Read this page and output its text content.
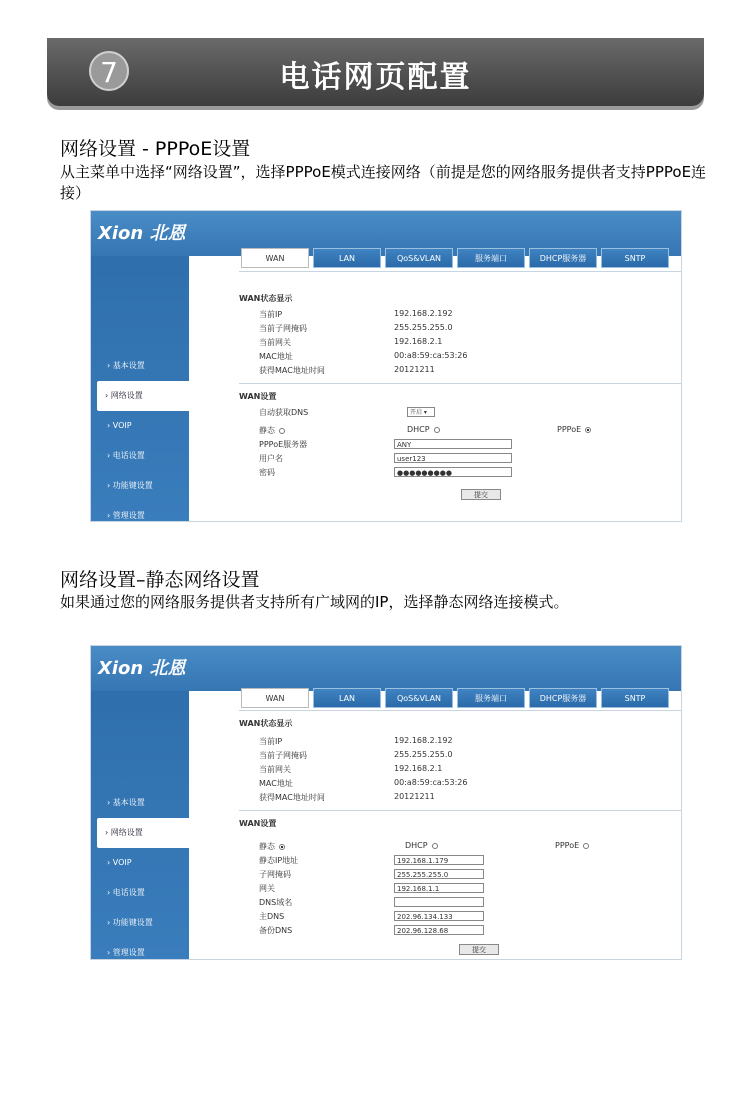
7	电话网页配置
网络设置 - PPPoE设置
从主菜单中选择“网络设置”，选择PPPoE模式连接网络（前提是您的网络服务提供者支持PPPoE连接）
Xion 北恩
› 基本设置
› 网络设置
› VOIP
› 电话设置
› 功能键设置
› 管理设置
› 安全设置
WAN	LAN	QoS&VLAN	服务端口	DHCP服务器	SNTP
WAN状态显示
当前IP	192.168.2.192
当前子网掩码	255.255.255.0
当前网关	192.168.2.1
MAC地址	00:a8:59:ca:53:26
获得MAC地址时间	20121211
WAN设置
自动获取DNS	开启 ▾
静态	DHCP	PPPoE
PPPoE服务器	ANY
用户名	user123
密码	●●●●●●●●●
提交
网络设置–静态网络设置
如果通过您的网络服务提供者支持所有广域网的IP，选择静态网络连接模式。
Xion 北恩
› 基本设置
› 网络设置
› VOIP
› 电话设置
› 功能键设置
› 管理设置
› 安全设置
WAN	LAN	QoS&VLAN	服务端口	DHCP服务器	SNTP
WAN状态显示
当前IP	192.168.2.192
当前子网掩码	255.255.255.0
当前网关	192.168.2.1
MAC地址	00:a8:59:ca:53:26
获得MAC地址时间	20121211
WAN设置
静态	DHCP	PPPoE
静态IP地址	192.168.1.179
子网掩码	255.255.255.0
网关	192.168.1.1
DNS域名
主DNS	202.96.134.133
备份DNS	202.96.128.68
提交
